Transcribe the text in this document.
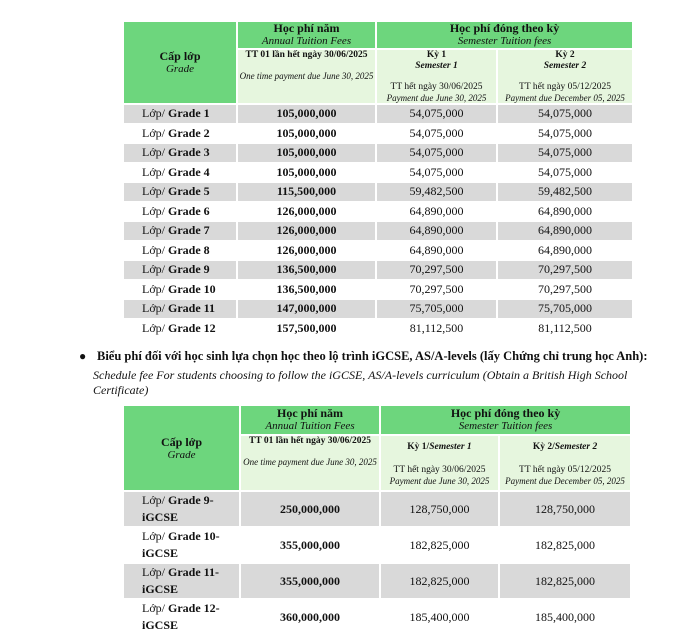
Cấp lớp
Grade	Học phí năm
Annual Tuition Fees	Học phí đóng theo kỳ
Semester Tuition fees	

	TT 01 lần hết ngày 30/06/2025
One time payment due June 30, 2025	Kỳ 1
Semester 1
TT hết ngày 30/06/2025
Payment due June 30, 2025	Kỳ 2
Semester 2
TT hết ngày 05/12/2025
Payment due December 05, 2025

Lớp/ Grade 1	105,000,000	54,075,000	54,075,000
Lớp/ Grade 2	105,000,000	54,075,000	54,075,000
Lớp/ Grade 3	105,000,000	54,075,000	54,075,000
Lớp/ Grade 4	105,000,000	54,075,000	54,075,000
Lớp/ Grade 5	115,500,000	59,482,500	59,482,500
Lớp/ Grade 6	126,000,000	64,890,000	64,890,000
Lớp/ Grade 7	126,000,000	64,890,000	64,890,000
Lớp/ Grade 8	126,000,000	64,890,000	64,890,000
Lớp/ Grade 9	136,500,000	70,297,500	70,297,500
Lớp/ Grade 10	136,500,000	70,297,500	70,297,500
Lớp/ Grade 11	147,000,000	75,705,000	75,705,000
Lớp/ Grade 12	157,500,000	81,112,500	81,112,500
● Biểu phí đối với học sinh lựa chọn học theo lộ trình iGCSE, AS/A-levels (lấy Chứng chỉ trung học Anh):
Schedule fee For students choosing to follow the iGCSE, AS/A-levels curriculum (Obtain a British High School Certificate)
Cấp lớp
Grade	Học phí năm
Annual Tuition Fees	Học phí đóng theo kỳ
Semester Tuition fees	

	TT 01 lần hết ngày 30/06/2025
One time payment due June 30, 2025	Kỳ 1/Semester 1
TT hết ngày 30/06/2025
Payment due June 30, 2025	Kỳ 2/Semester 2
TT hết ngày 05/12/2025
Payment due December 05, 2025

Lớp/ Grade 9-iGCSE	250,000,000	128,750,000	128,750,000
Lớp/ Grade 10-iGCSE	355,000,000	182,825,000	182,825,000
Lớp/ Grade 11-iGCSE	355,000,000	182,825,000	182,825,000
Lớp/ Grade 12-iGCSE	360,000,000	185,400,000	185,400,000
